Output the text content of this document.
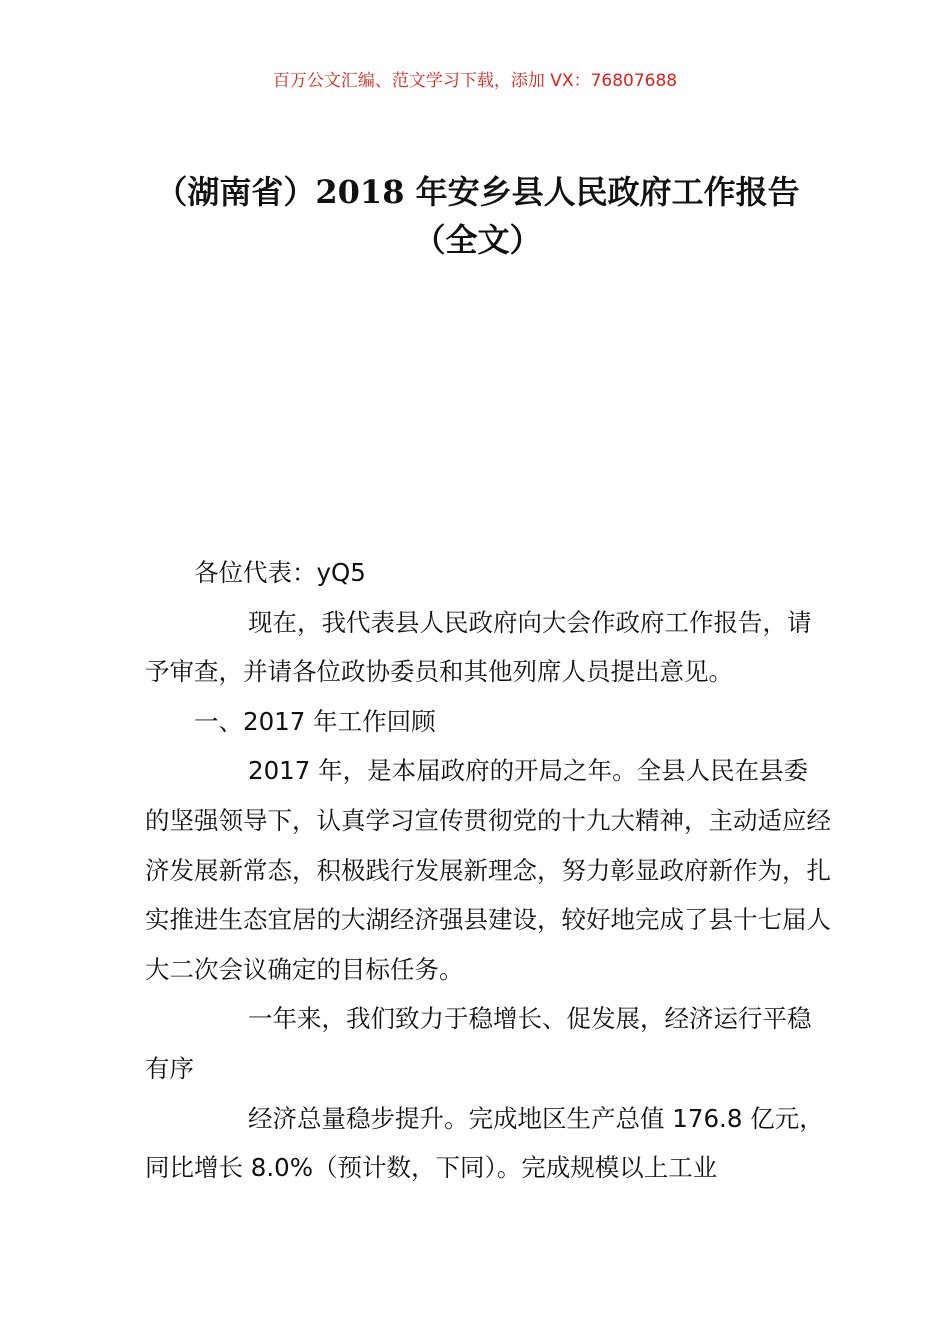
百万公文汇编、范文学习下载，添加 VX：76807688
（湖南省）2018 年安乡县人民政府工作报告（全文）

各位代表：yQ5

现在，我代表县人民政府向大会作政府工作报告，请予审查，并请各位政协委员和其他列席人员提出意见。

一、2017 年工作回顾

2017 年，是本届政府的开局之年。全县人民在县委的坚强领导下，认真学习宣传贯彻党的十九大精神，主动适应经济发展新常态，积极践行发展新理念，努力彰显政府新作为，扎实推进生态宜居的大湖经济强县建设，较好地完成了县十七届人大二次会议确定的目标任务。

一年来，我们致力于稳增长、促发展，经济运行平稳有序

经济总量稳步提升。完成地区生产总值 176.8 亿元，同比增长 8.0%（预计数，下同）。完成规模以上工业
